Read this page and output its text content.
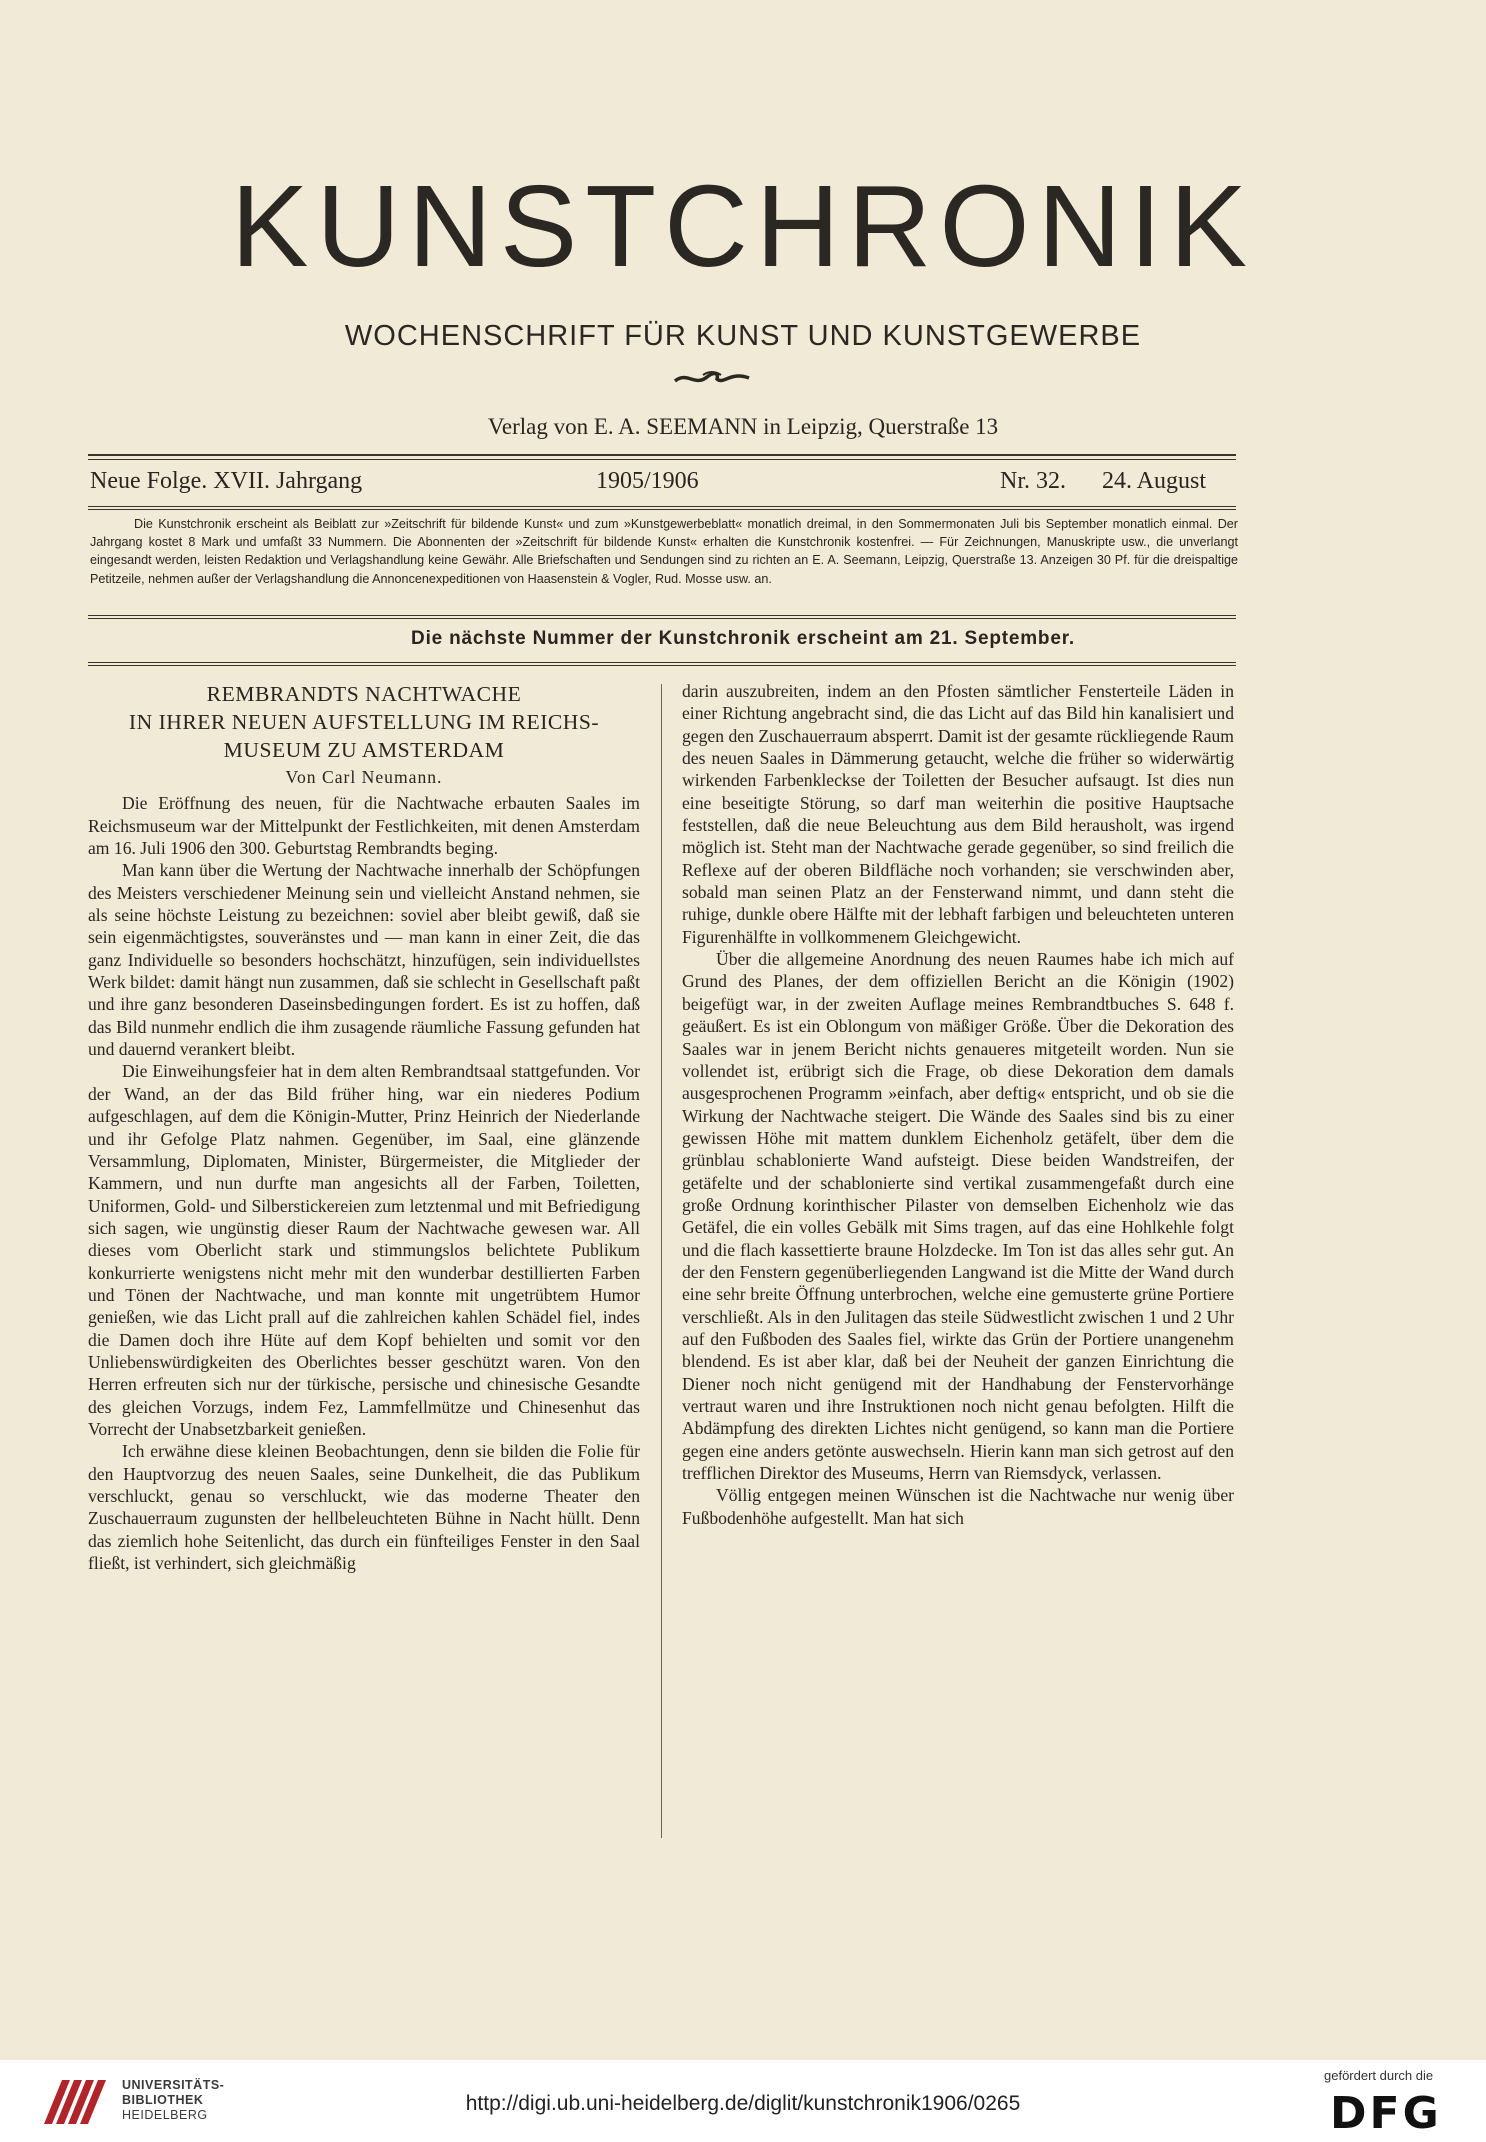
KUNSTCHRONIK
WOCHENSCHRIFT FÜR KUNST UND KUNSTGEWERBE
Verlag von E. A. SEEMANN in Leipzig, Querstraße 13
Neue Folge. XVII. Jahrgang	1905/1906	Nr. 32. 24. August

Die Kunstchronik erscheint als Beiblatt zur »Zeitschrift für bildende Kunst« und zum »Kunstgewerbeblatt« monatlich dreimal, in den Sommermonaten Juli bis September monatlich einmal. Der Jahrgang kostet 8 Mark und umfaßt 33 Nummern. Die Abonnenten der »Zeitschrift für bildende Kunst« erhalten die Kunstchronik kostenfrei. — Für Zeichnungen, Manuskripte usw., die unverlangt eingesandt werden, leisten Redaktion und Verlagshandlung keine Gewähr. Alle Briefschaften und Sendungen sind zu richten an E. A. Seemann, Leipzig, Querstraße 13. Anzeigen 30 Pf. für die dreispaltige Petitzeile, nehmen außer der Verlagshandlung die Annoncenexpeditionen von Haasenstein & Vogler, Rud. Mosse usw. an.

Die nächste Nummer der Kunstchronik erscheint am 21. September.
REMBRANDTS NACHTWACHE
IN IHRER NEUEN AUFSTELLUNG IM REICHS-
MUSEUM ZU AMSTERDAM
Von Carl Neumann.

Die Eröffnung des neuen, für die Nachtwache erbauten Saales im Reichsmuseum war der Mittelpunkt der Festlichkeiten, mit denen Amsterdam am 16. Juli 1906 den 300. Geburtstag Rembrandts beging.

Man kann über die Wertung der Nachtwache innerhalb der Schöpfungen des Meisters verschiedener Meinung sein und vielleicht Anstand nehmen, sie als seine höchste Leistung zu bezeichnen: soviel aber bleibt gewiß, daß sie sein eigenmächtigstes, souveränstes und — man kann in einer Zeit, die das ganz Individuelle so besonders hochschätzt, hinzufügen, sein individuellstes Werk bildet: damit hängt nun zusammen, daß sie schlecht in Gesellschaft paßt und ihre ganz besonderen Daseinsbedingungen fordert. Es ist zu hoffen, daß das Bild nunmehr endlich die ihm zusagende räumliche Fassung gefunden hat und dauernd verankert bleibt.

Die Einweihungsfeier hat in dem alten Rembrandtsaal stattgefunden. Vor der Wand, an der das Bild früher hing, war ein niederes Podium aufgeschlagen, auf dem die Königin-Mutter, Prinz Heinrich der Niederlande und ihr Gefolge Platz nahmen. Gegenüber, im Saal, eine glänzende Versammlung, Diplomaten, Minister, Bürgermeister, die Mitglieder der Kammern, und nun durfte man angesichts all der Farben, Toiletten, Uniformen, Gold- und Silberstickereien zum letztenmal und mit Befriedigung sich sagen, wie ungünstig dieser Raum der Nachtwache gewesen war. All dieses vom Oberlicht stark und stimmungslos belichtete Publikum konkurrierte wenigstens nicht mehr mit den wunderbar destillierten Farben und Tönen der Nachtwache, und man konnte mit ungetrübtem Humor genießen, wie das Licht prall auf die zahlreichen kahlen Schädel fiel, indes die Damen doch ihre Hüte auf dem Kopf behielten und somit vor den Unliebenswürdigkeiten des Oberlichtes besser geschützt waren. Von den Herren erfreuten sich nur der türkische, persische und chinesische Gesandte des gleichen Vorzugs, indem Fez, Lammfellmütze und Chinesenhut das Vorrecht der Unabsetzbarkeit genießen.

Ich erwähne diese kleinen Beobachtungen, denn sie bilden die Folie für den Hauptvorzug des neuen Saales, seine Dunkelheit, die das Publikum verschluckt, genau so verschluckt, wie das moderne Theater den Zuschauerraum zugunsten der hellbeleuchteten Bühne in Nacht hüllt. Denn das ziemlich hohe Seitenlicht, das durch ein fünfteiliges Fenster in den Saal fließt, ist verhindert, sich gleichmäßig

darin auszubreiten, indem an den Pfosten sämtlicher Fensterteile Läden in einer Richtung angebracht sind, die das Licht auf das Bild hin kanalisiert und gegen den Zuschauerraum absperrt. Damit ist der gesamte rückliegende Raum des neuen Saales in Dämmerung getaucht, welche die früher so widerwärtig wirkenden Farbenkleckse der Toiletten der Besucher aufsaugt. Ist dies nun eine beseitigte Störung, so darf man weiterhin die positive Hauptsache feststellen, daß die neue Beleuchtung aus dem Bild herausholt, was irgend möglich ist. Steht man der Nachtwache gerade gegenüber, so sind freilich die Reflexe auf der oberen Bildfläche noch vorhanden; sie verschwinden aber, sobald man seinen Platz an der Fensterwand nimmt, und dann steht die ruhige, dunkle obere Hälfte mit der lebhaft farbigen und beleuchteten unteren Figurenhälfte in vollkommenem Gleichgewicht.

Über die allgemeine Anordnung des neuen Raumes habe ich mich auf Grund des Planes, der dem offiziellen Bericht an die Königin (1902) beigefügt war, in der zweiten Auflage meines Rembrandtbuches S. 648 f. geäußert. Es ist ein Oblongum von mäßiger Größe. Über die Dekoration des Saales war in jenem Bericht nichts genaueres mitgeteilt worden. Nun sie vollendet ist, erübrigt sich die Frage, ob diese Dekoration dem damals ausgesprochenen Programm »einfach, aber deftig« entspricht, und ob sie die Wirkung der Nachtwache steigert. Die Wände des Saales sind bis zu einer gewissen Höhe mit mattem dunklem Eichenholz getäfelt, über dem die grünblau schablonierte Wand aufsteigt. Diese beiden Wandstreifen, der getäfelte und der schablonierte sind vertikal zusammengefaßt durch eine große Ordnung korinthischer Pilaster von demselben Eichenholz wie das Getäfel, die ein volles Gebälk mit Sims tragen, auf das eine Hohlkehle folgt und die flach kassettierte braune Holzdecke. Im Ton ist das alles sehr gut. An der den Fenstern gegenüberliegenden Langwand ist die Mitte der Wand durch eine sehr breite Öffnung unterbrochen, welche eine gemusterte grüne Portiere verschließt. Als in den Julitagen das steile Südwestlicht zwischen 1 und 2 Uhr auf den Fußboden des Saales fiel, wirkte das Grün der Portiere unangenehm blendend. Es ist aber klar, daß bei der Neuheit der ganzen Einrichtung die Diener noch nicht genügend mit der Handhabung der Fenstervorhänge vertraut waren und ihre Instruktionen noch nicht genau befolgten. Hilft die Abdämpfung des direkten Lichtes nicht genügend, so kann man die Portiere gegen eine anders getönte auswechseln. Hierin kann man sich getrost auf den trefflichen Direktor des Museums, Herrn van Riemsdyck, verlassen.

Völlig entgegen meinen Wünschen ist die Nachtwache nur wenig über Fußbodenhöhe aufgestellt. Man hat sich

UNIVERSITÄTS-
BIBLIOTHEK
HEIDELBERG	http://digi.ub.uni-heidelberg.de/diglit/kunstchronik1906/0265
gefördert durch die
DFG
